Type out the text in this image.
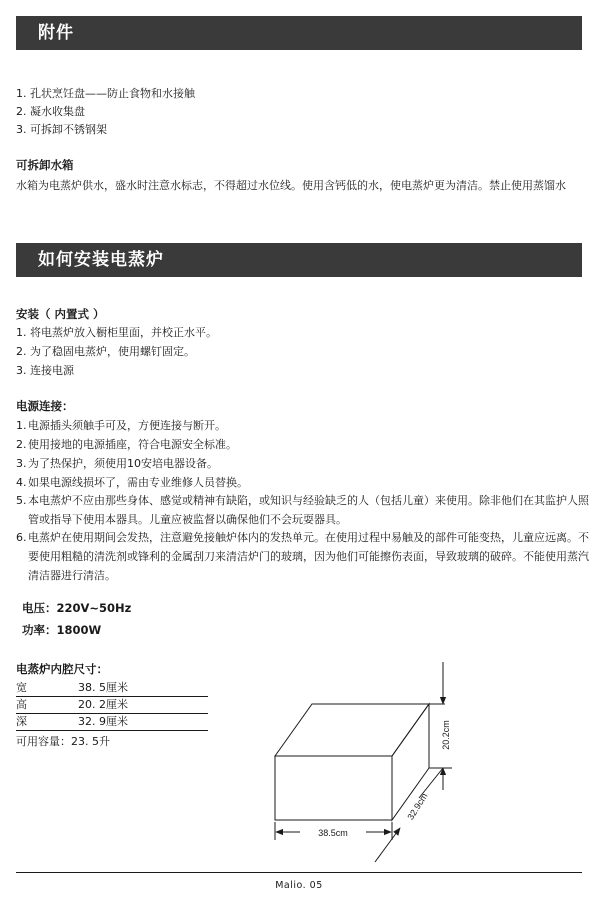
附件
1. 孔状烹饪盘——防止食物和水接触
2. 凝水收集盘
3. 可拆卸不锈钢架
可拆卸水箱
水箱为电蒸炉供水，盛水时注意水标志，不得超过水位线。使用含钙低的水，使电蒸炉更为清洁。禁止使用蒸馏水
如何安装电蒸炉
安装（ 内置式 ）
1. 将电蒸炉放入橱柜里面，并校正水平。
2. 为了稳固电蒸炉，使用螺钉固定。
3. 连接电源
电源连接：
1. 电源插头须触手可及，方便连接与断开。
2. 使用接地的电源插座，符合电源安全标准。
3. 为了热保护，须使用10安培电器设备。
4. 如果电源线损坏了，需由专业维修人员替换。
5. 本电蒸炉不应由那些身体、感觉或精神有缺陷，或知识与经验缺乏的人（包括儿童）来使用。除非他们在其监护人照管或指导下使用本器具。儿童应被监督以确保他们不会玩耍器具。
6. 电蒸炉在使用期间会发热，注意避免接触炉体内的发热单元。在使用过程中易触及的部件可能变热，儿童应远离。不要使用粗糙的清洗剂或锋利的金属刮刀来清洁炉门的玻璃，因为他们可能擦伤表面，导致玻璃的破碎。不能使用蒸汽清洁器进行清洁。
电压：220V~50Hz
功率：1800W
电蒸炉内腔尺寸：
宽	38. 5厘米
高	20. 2厘米
深	32. 9厘米
可用容量：23. 5升
38.5cm
20.2cm
32.9cm
Malio. 05
